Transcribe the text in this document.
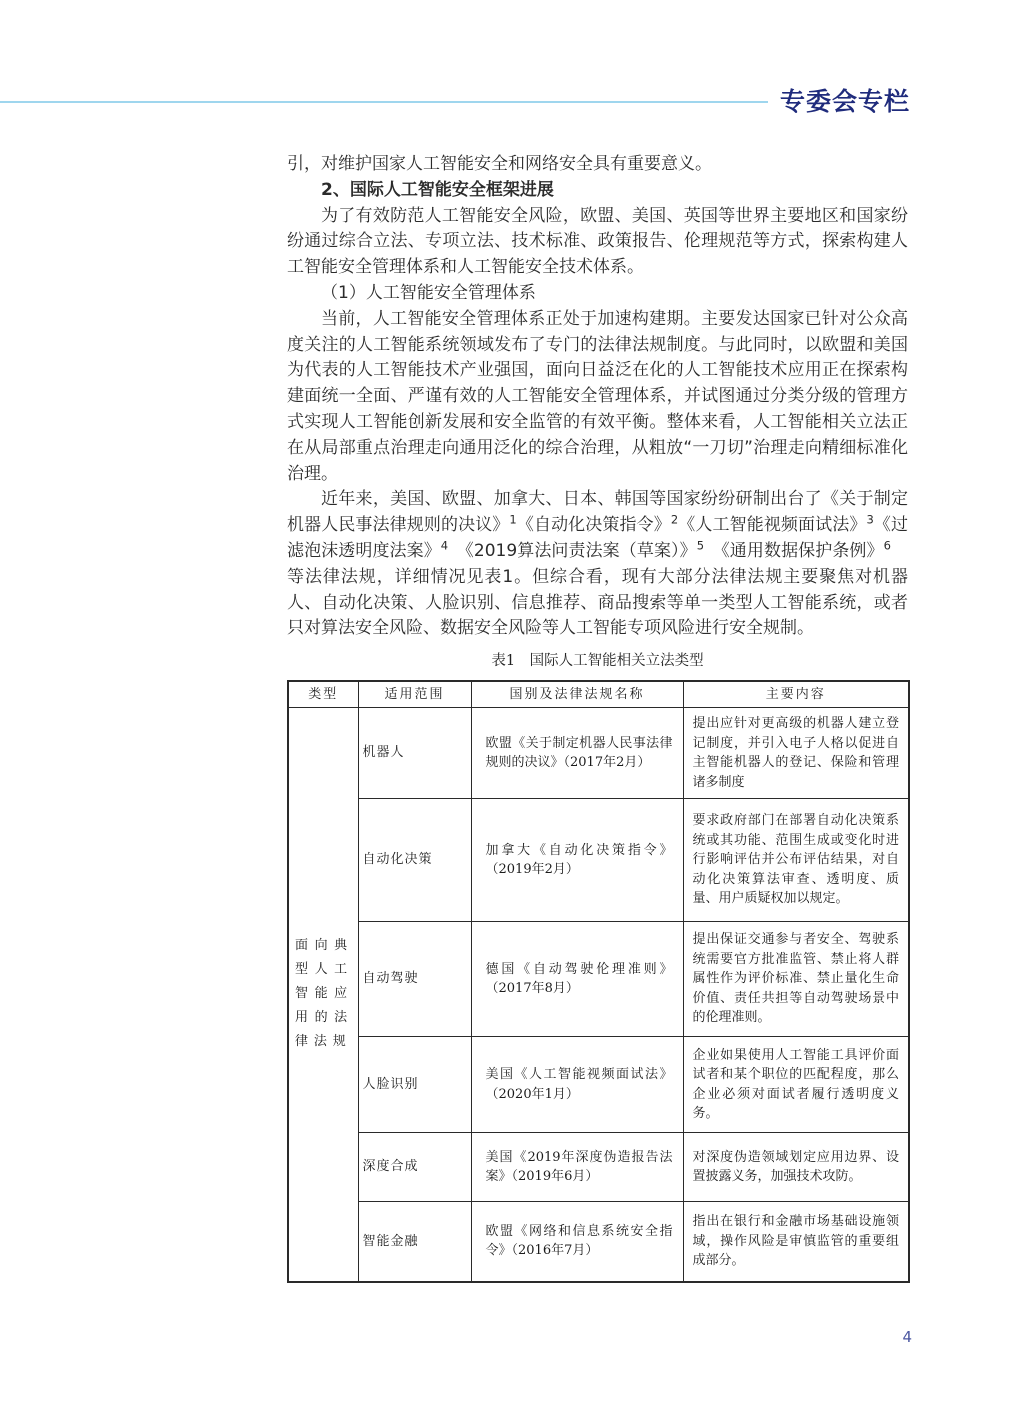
专委会专栏

引，对维护国家人工智能安全和网络安全具有重要意义。

2、国际人工智能安全框架进展

为了有效防范人工智能安全风险，欧盟、美国、英国等世界主要地区和国家纷纷通过综合立法、专项立法、技术标准、政策报告、伦理规范等方式，探索构建人工智能安全管理体系和人工智能安全技术体系。

（1）人工智能安全管理体系

当前，人工智能安全管理体系正处于加速构建期。主要发达国家已针对公众高度关注的人工智能系统领域发布了专门的法律法规制度。与此同时，以欧盟和美国为代表的人工智能技术产业强国，面向日益泛在化的人工智能技术应用正在探索构建面统一全面、严谨有效的人工智能安全管理体系，并试图通过分类分级的管理方式实现人工智能创新发展和安全监管的有效平衡。整体来看，人工智能相关立法正在从局部重点治理走向通用泛化的综合治理，从粗放“一刀切”治理走向精细标准化治理。

近年来，美国、欧盟、加拿大、日本、韩国等国家纷纷研制出台了《关于制定机器人民事法律规则的决议》$^1$《自动化决策指令》$^2$《人工智能视频面试法》$^3$《过滤泡沫透明度法案》$^4$　《2019算法问责法案（草案）》$^5$　《通用数据保护条例》$^6$　等法律法规，详细情况见表1。但综合看，现有大部分法律法规主要聚焦对机器人、自动化决策、人脸识别、信息推荐、商品搜索等单一类型人工智能系统，或者只对算法安全风险、数据安全风险等人工智能专项风险进行安全规制。

表1　国际人工智能相关立法类型
类型	适用范围	国别及法律法规名称	主要内容
面向典型人工智能应用的法律法规	机器人	欧盟《关于制定机器人民事法律规则的决议》（2017年2月）	提出应针对更高级的机器人建立登记制度，并引入电子人格以促进自主智能机器人的登记、保险和管理诸多制度
	自动化决策	加拿大《自动化决策指令》（2019年2月）	要求政府部门在部署自动化决策系统或其功能、范围生成或变化时进行影响评估并公布评估结果，对自动化决策算法审查、透明度、质量、用户质疑权加以规定。
	自动驾驶	德国《自动驾驶伦理准则》（2017年8月）	提出保证交通参与者安全、驾驶系统需要官方批准监管、禁止将人群属性作为评价标准、禁止量化生命价值、责任共担等自动驾驶场景中的伦理准则。
	人脸识别	美国《人工智能视频面试法》（2020年1月）	企业如果使用人工智能工具评价面试者和某个职位的匹配程度，那么企业必须对面试者履行透明度义务。
	深度合成	美国《2019年深度伪造报告法案》（2019年6月）	对深度伪造领域划定应用边界、设置披露义务，加强技术攻防。
	智能金融	欧盟《网络和信息系统安全指令》（2016年7月）	指出在银行和金融市场基础设施领域，操作风险是审慎监管的重要组成部分。
4
